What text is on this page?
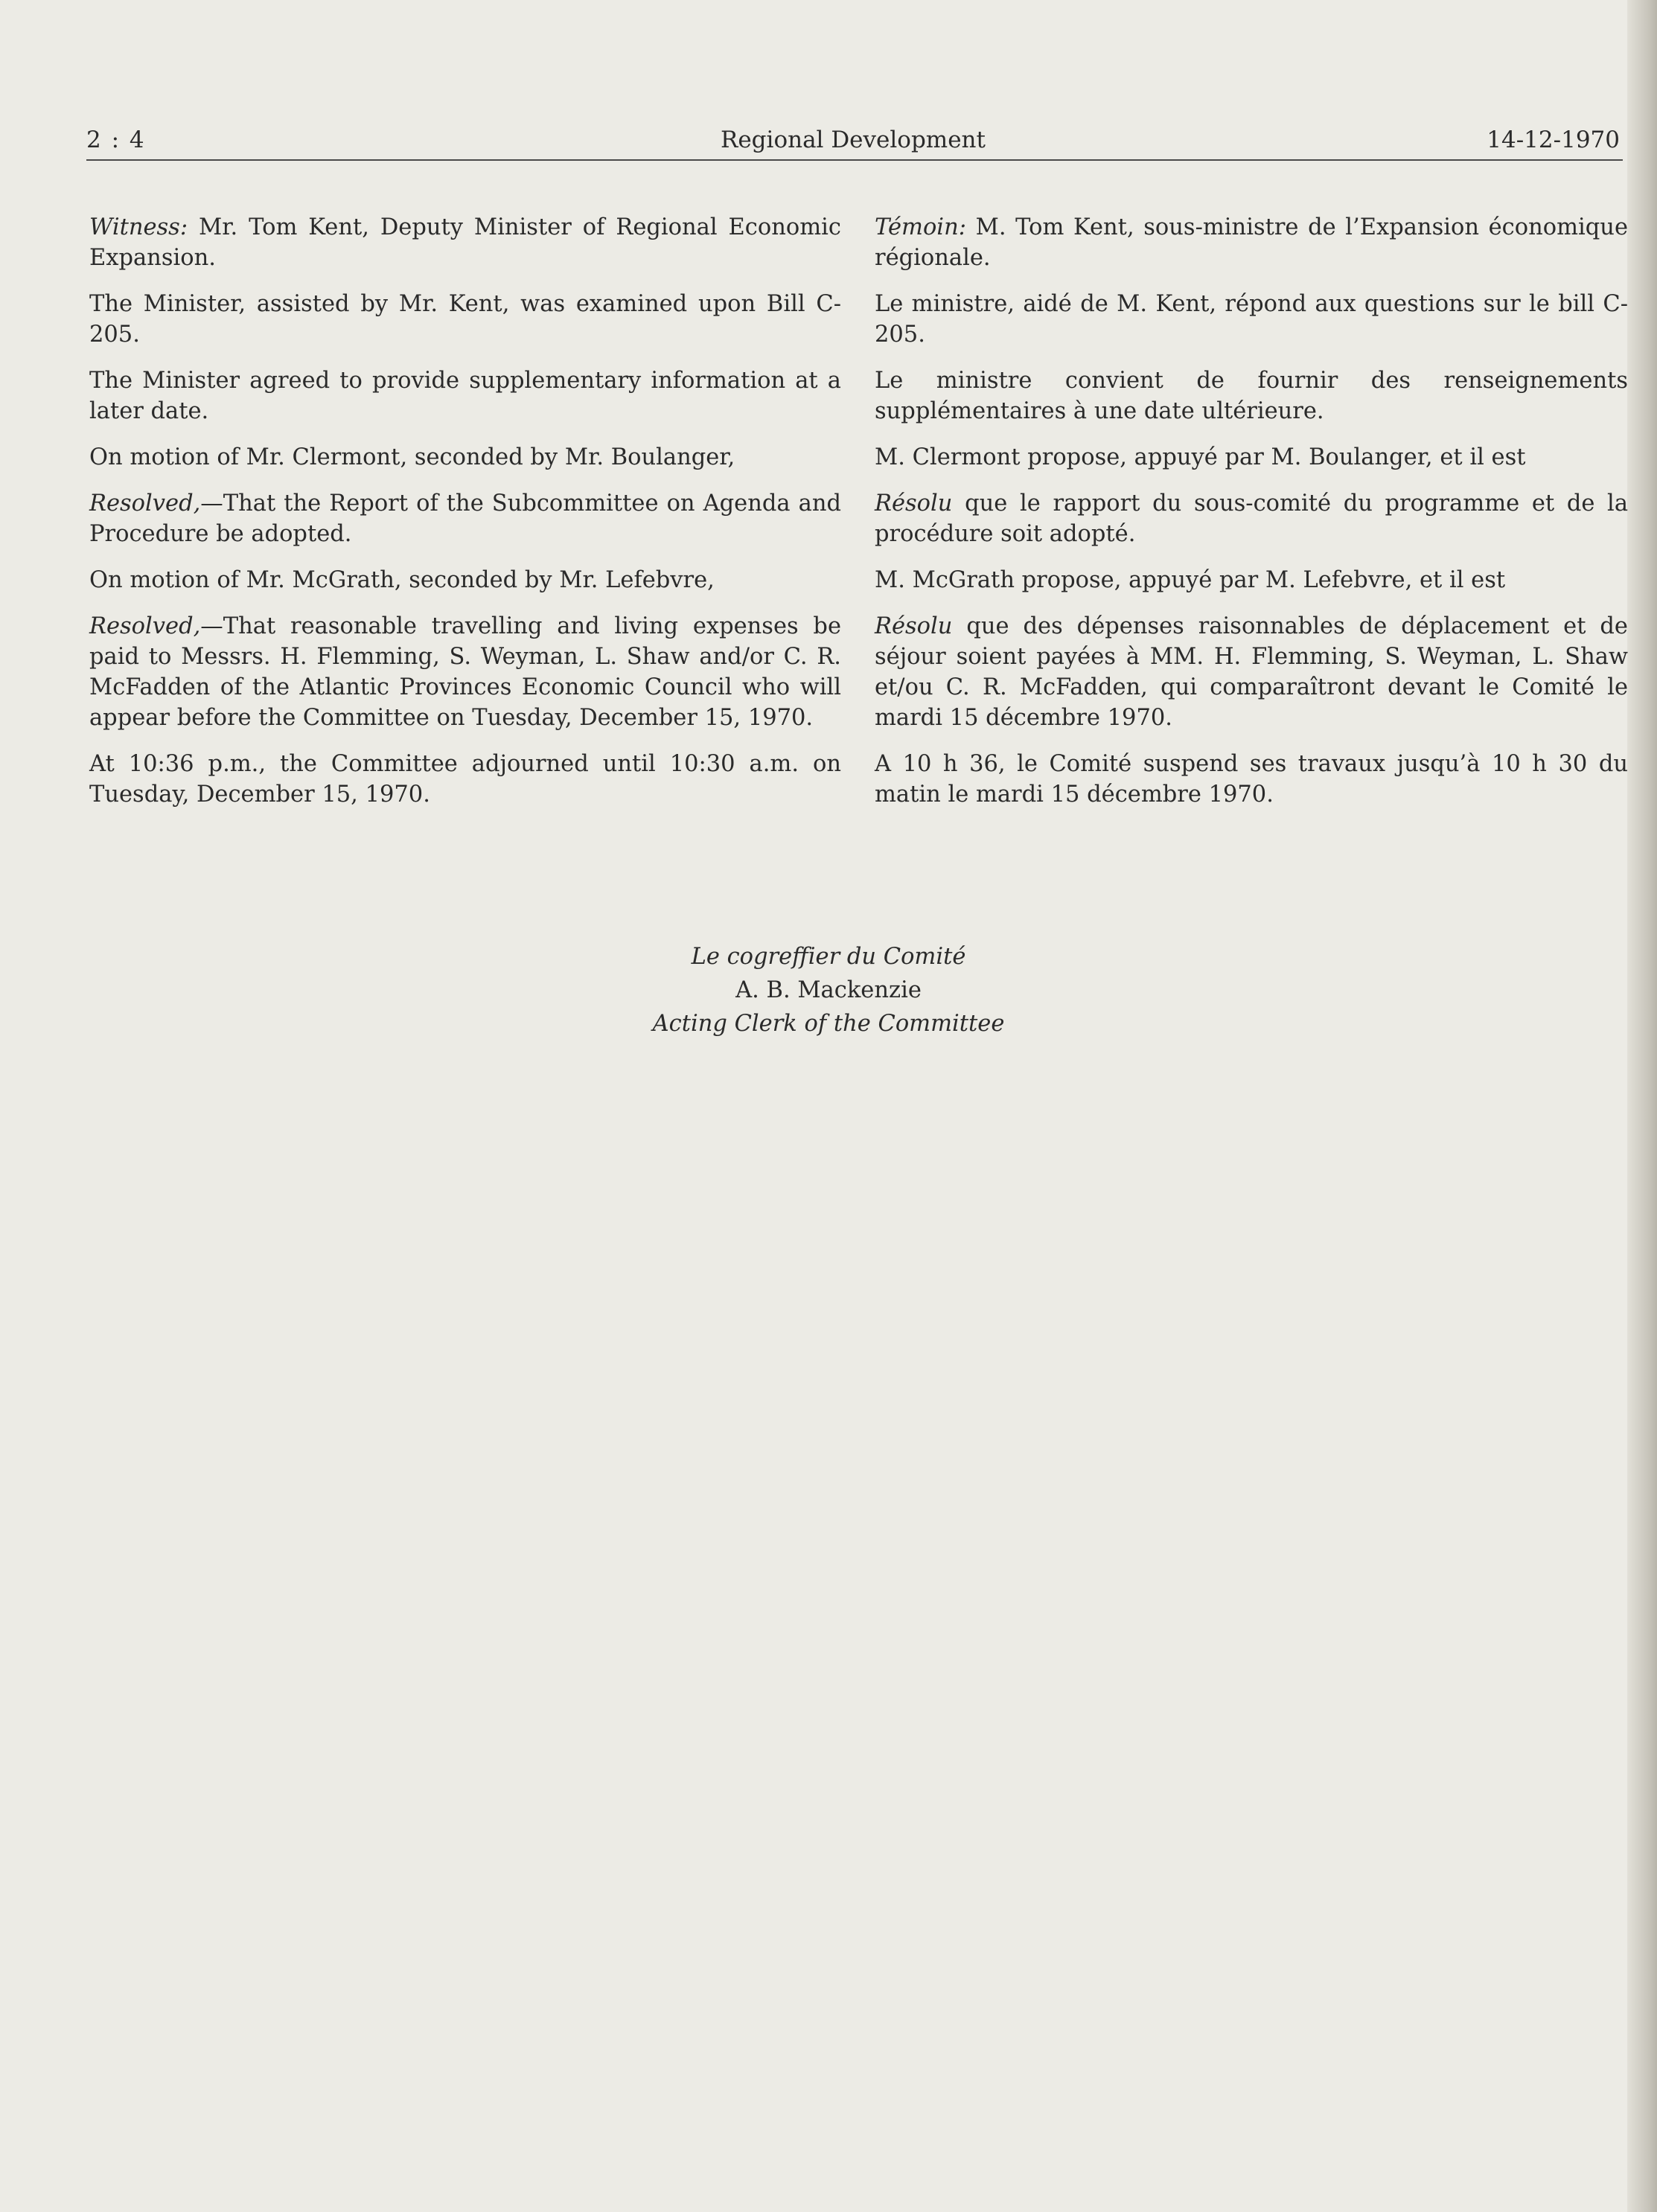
2 : 4	Regional Development	14-12-1970

Witness: Mr. Tom Kent, Deputy Minister of Regional Economic Expansion.

The Minister, assisted by Mr. Kent, was examined upon Bill C-205.

The Minister agreed to provide supplementary information at a later date.

On motion of Mr. Clermont, seconded by Mr. Boulanger,

Resolved,—That the Report of the Subcommittee on Agenda and Procedure be adopted.

On motion of Mr. McGrath, seconded by Mr. Lefebvre,

Resolved,—That reasonable travelling and living expenses be paid to Messrs. H. Flemming, S. Weyman, L. Shaw and/or C. R. McFadden of the Atlantic Provinces Economic Council who will appear before the Committee on Tuesday, December 15, 1970.

At 10:36 p.m., the Committee adjourned until 10:30 a.m. on Tuesday, December 15, 1970.

Témoin: M. Tom Kent, sous-ministre de l’Expansion économique régionale.

Le ministre, aidé de M. Kent, répond aux questions sur le bill C-205.

Le ministre convient de fournir des renseignements supplémentaires à une date ultérieure.

M. Clermont propose, appuyé par M. Boulanger, et il est

Résolu que le rapport du sous-comité du programme et de la procédure soit adopté.

M. McGrath propose, appuyé par M. Lefebvre, et il est

Résolu que des dépenses raisonnables de déplacement et de séjour soient payées à MM. H. Flemming, S. Weyman, L. Shaw et/ou C. R. McFadden, qui comparaîtront devant le Comité le mardi 15 décembre 1970.

A 10 h 36, le Comité suspend ses travaux jusqu’à 10 h 30 du matin le mardi 15 décembre 1970.

Le cogreffier du Comité
A. B. Mackenzie
Acting Clerk of the Committee
